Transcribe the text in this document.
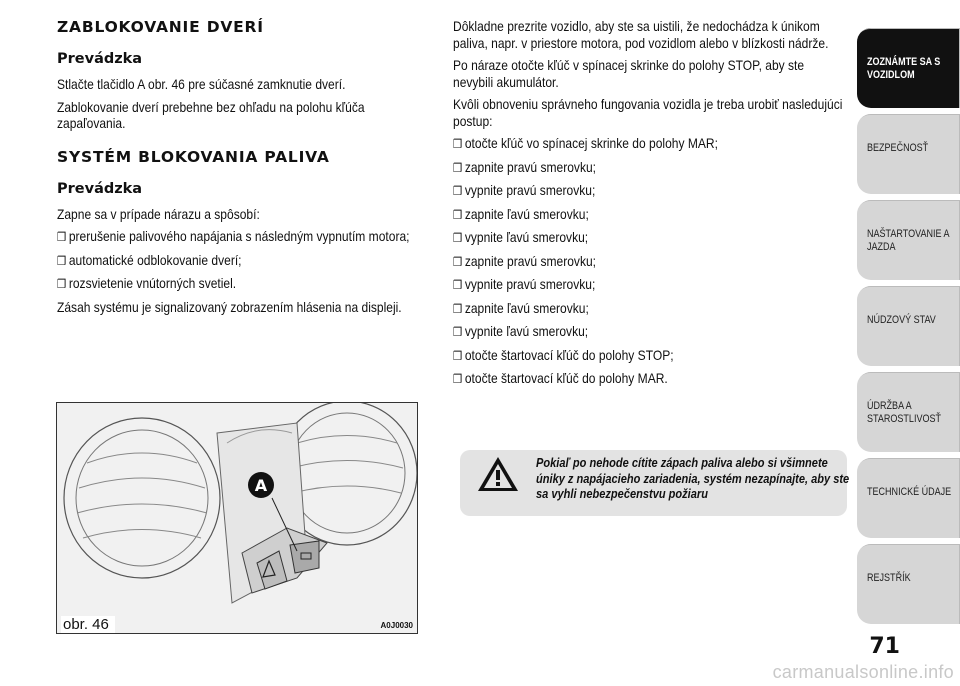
ZABLOKOVANIE DVERÍ
Prevádzka

Stlačte tlačidlo A obr. 46 pre súčasné zamknutie dverí.

Zablokovanie dverí prebehne bez ohľadu na polohu kľúča zapaľovania.

SYSTÉM BLOKOVANIA PALIVA
Prevádzka

Zapne sa v prípade nárazu a spôsobí:

❒ prerušenie palivového napájania s následným vypnutím motora;
❒ automatické odblokovanie dverí;
❒ rozsvietenie vnútorných svetiel.

Zásah systému je signalizovaný zobrazením hlásenia na displeji.

A
obr. 46	A0J0030

Dôkladne prezrite vozidlo, aby ste sa uistili, že nedochádza k únikom paliva, napr. v priestore motora, pod vozidlom alebo v blízkosti nádrže.

Po náraze otočte kľúč v spínacej skrinke do polohy STOP, aby ste nevybili akumulátor.

Kvôli obnoveniu správneho fungovania vozidla je treba urobiť nasledujúci postup:

❒ otočte kľúč vo spínacej skrinke do polohy MAR;
❒ zapnite pravú smerovku;
❒ vypnite pravú smerovku;
❒ zapnite ľavú smerovku;
❒ vypnite ľavú smerovku;
❒ zapnite pravú smerovku;
❒ vypnite pravú smerovku;
❒ zapnite ľavú smerovku;
❒ vypnite ľavú smerovku;
❒ otočte štartovací kľúč do polohy STOP;
❒ otočte štartovací kľúč do polohy MAR.
Pokiaľ po nehode cítite zápach paliva alebo si všimnete úniky z napájacieho zariadenia, systém nezapínajte, aby ste sa vyhli nebezpečenstvu požiaru
ZOZNÁMTE SA S VOZIDLOM
BEZPEČNOSŤ
NAŠTARTOVANIE A JAZDA
NÚDZOVÝ STAV
ÚDRŽBA A STAROSTLIVOSŤ
TECHNICKÉ ÚDAJE
REJSTŘÍK
71
carmanualsonline.info
